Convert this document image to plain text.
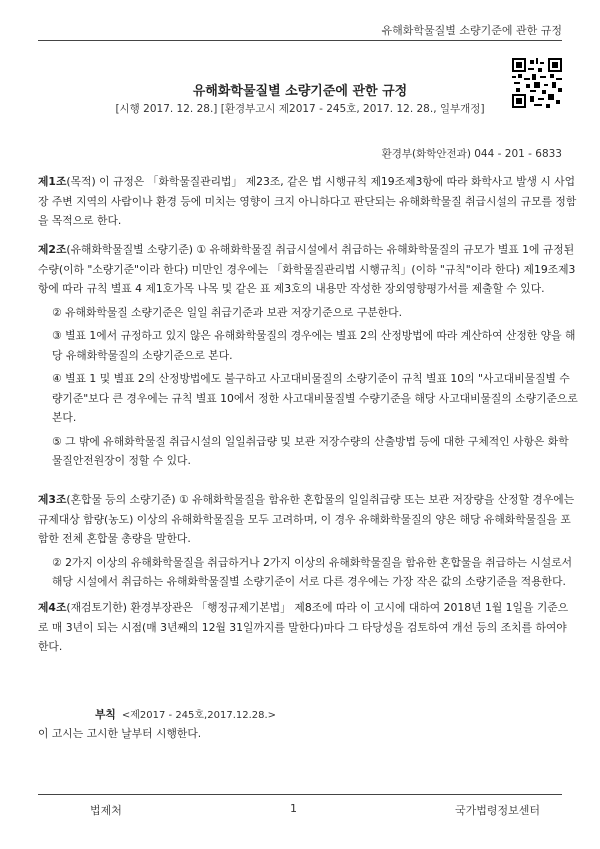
유해화학물질별 소량기준에 관한 규정
유해화학물질별 소량기준에 관한 규정
[시행 2017. 12. 28.] [환경부고시 제2017 - 245호, 2017. 12. 28., 일부개정]
환경부(화학안전과) 044 - 201 - 6833

제1조(목적) 이 규정은 「화학물질관리법」 제23조, 같은 법 시행규칙 제19조제3항에 따라 화학사고 발생 시 사업장 주변 지역의 사람이나 환경 등에 미치는 영향이 크지 아니하다고 판단되는 유해화학물질 취급시설의 규모를 정함을 목적으로 한다.

제2조(유해화학물질별 소량기준) ① 유해화학물질 취급시설에서 취급하는 유해화학물질의 규모가 별표 1에 규정된 수량(이하 "소량기준"이라 한다) 미만인 경우에는 「화학물질관리법 시행규칙」(이하 "규칙"이라 한다) 제19조제3항에 따라 규칙 별표 4 제1호가목 나목 및 같은 표 제3호의 내용만 작성한 장외영향평가서를 제출할 수 있다.

② 유해화학물질 소량기준은 일일 취급기준과 보관 저장기준으로 구분한다.

③ 별표 1에서 규정하고 있지 않은 유해화학물질의 경우에는 별표 2의 산정방법에 따라 계산하여 산정한 양을 해당 유해화학물질의 소량기준으로 본다.

④ 별표 1 및 별표 2의 산정방법에도 불구하고 사고대비물질의 소량기준이 규칙 별표 10의 "사고대비물질별 수량기준"보다 큰 경우에는 규칙 별표 10에서 정한 사고대비물질별 수량기준을 해당 사고대비물질의 소량기준으로 본다.

⑤ 그 밖에 유해화학물질 취급시설의 일일취급량 및 보관 저장수량의 산출방법 등에 대한 구체적인 사항은 화학물질안전원장이 정할 수 있다.

제3조(혼합물 등의 소량기준) ① 유해화학물질을 함유한 혼합물의 일일취급량 또는 보관 저장량을 산정할 경우에는 규제대상 함량(농도) 이상의 유해화학물질을 모두 고려하며, 이 경우 유해화학물질의 양은 해당 유해화학물질을 포함한 전체 혼합물 총량을 말한다.

② 2가지 이상의 유해화학물질을 취급하거나 2가지 이상의 유해화학물질을 함유한 혼합물을 취급하는 시설로서 해당 시설에서 취급하는 유해화학물질별 소량기준이 서로 다른 경우에는 가장 작은 값의 소량기준을 적용한다.

제4조(재검토기한) 환경부장관은 「행정규제기본법」 제8조에 따라 이 고시에 대하여 2018년 1월 1일을 기준으로 매 3년이 되는 시점(매 3년째의 12월 31일까지를 말한다)마다 그 타당성을 검토하여 개선 등의 조치를 하여야 한다.

부칙 <제2017 - 245호,2017.12.28.>
이 고시는 고시한 날부터 시행한다.
법제처	1	국가법령정보센터
